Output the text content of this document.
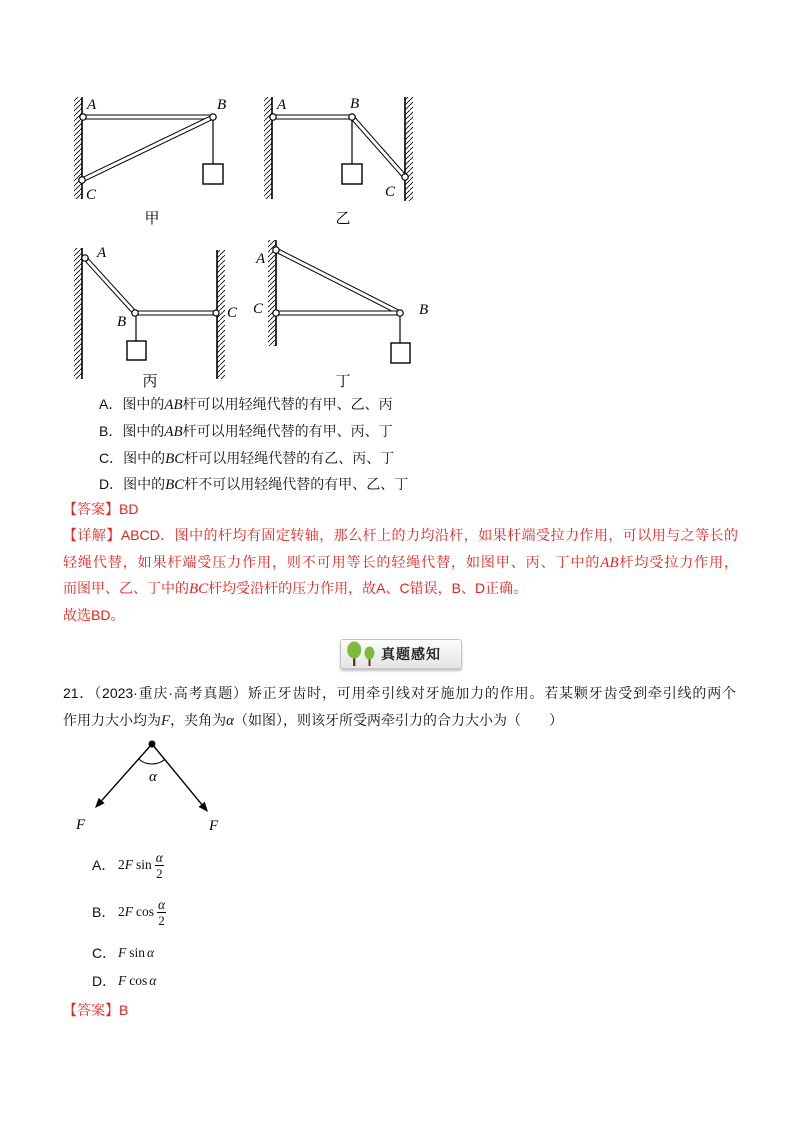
A	B
C
甲
A	B
C
乙
A
B
C
丙
A
C	B
丁
A．图中的AB杆可以用轻绳代替的有甲、乙、丙
B．图中的AB杆可以用轻绳代替的有甲、丙、丁
C．图中的BC杆可以用轻绳代替的有乙、丙、丁
D．图中的BC杆不可以用轻绳代替的有甲、乙、丁
【答案】BD
【详解】ABCD．图中的杆均有固定转轴，那么杆上的力均沿杆，如果杆端受拉力作用，可以用与之等长的
轻绳代替，如果杆端受压力作用，则不可用等长的轻绳代替，如图甲、丙、丁中的AB杆均受拉力作用，
而图甲、乙、丁中的BC杆均受沿杆的压力作用，故A、C错误，B、D正确。
故选BD。
真题感知
21．（2023·重庆·高考真题）矫正牙齿时，可用牵引线对牙施加力的作用。若某颗牙齿受到牵引线的两个
作用力大小均为F，夹角为α（如图），则该牙所受两牵引力的合力大小为（　　）
α
F	F
A． 2 F $\sin \frac{\alpha}{2}$
B． 2 F $\cos \frac{\alpha}{2}$
C． F sin α
D． F cos α
【答案】B
